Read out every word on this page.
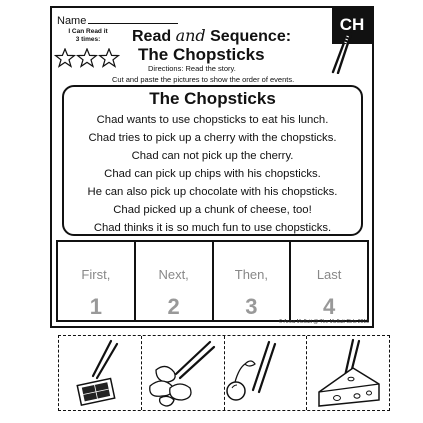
CH
Name
I Can Read it
3 times:	Read and Sequence:
The Chopsticks
Directions: Read the story.
Cut and paste the pictures to show the order of events.
The Chopsticks
Chad wants to use chopsticks to eat his lunch.
Chad tries to pick up a cherry with the chopsticks.
Chad can not pick up the cherry.
Chad can pick up chips with his chopsticks.
He can also pick up chocolate with his chopsticks.
Chad picked up a chunk of cheese, too!
Chad thinks it is so much fun to use chopsticks.
First,
1
Next,
2
Then,
3
Last
4
© Anna Moffatt @ The Moffatt Girls 2013
